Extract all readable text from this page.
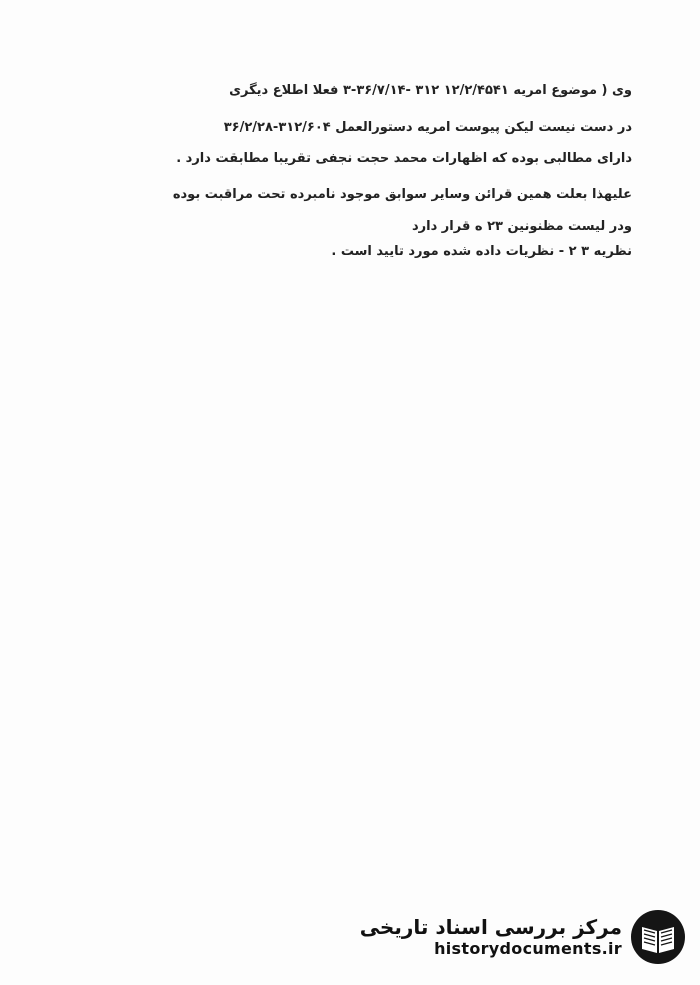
وی ( موضوع امریه ۱۲/۲/۴۵۴۱ ۳۱۲ -۳۶/۷/۱۴-۳ فعلا اطلاع دیگری
در دست نیست لیکن پیوست امریه دستورالعمل ۳۱۲/۶۰۴-۳۶/۲/۲۸
دارای مطالبی بوده که اظهارات محمد حجت نجفی تقریبا مطابقت دارد .
علیهذا بعلت همین قرائن وسایر سوابق موجود نامبرده تحت مراقبت بوده
ودر لیست مظنونین ۲۳ ه قرار دارد
نظریه ۳ ۲ - نظریات داده شده مورد تایید است .
مرکز بررسی اسناد تاریخی
historydocuments.ir
